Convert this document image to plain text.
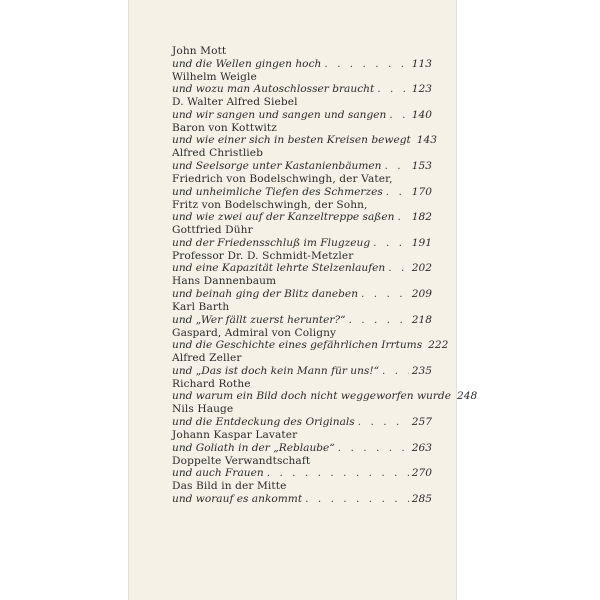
John Mott
und die Wellen gingen hoch . . .	113
Wilhelm Weigle
und wozu man Autoschlosser braucht . . .	123
D. Walter Alfred Siebel
und wir sangen und sangen und sangen . . . 140
Baron von Kottwitz
und wie einer sich in besten Kreisen bewegt 143
Alfred Christlieb
und Seelsorge unter Kastanienbäumen . . .	153
Friedrich von Bodelschwingh, der Vater,
und unheimliche Tiefen des Schmerzes . . .	170
Fritz von Bodelschwingh, der Sohn,
und wie zwei auf der Kanzeltreppe saßen . . . 182
Gottfried Dühr
und der Friedensschluß im Flugzeug . . .	191
Professor Dr. D. Schmidt-Metzler
und eine Kapazität lehrte Stelzenlaufen . . .	202
Hans Dannenbaum
und beinah ging der Blitz daneben . . .	209
Karl Barth
und „Wer fällt zuerst herunter?“ . . .	218
Gaspard, Admiral von Coligny
und die Geschichte eines gefährlichen Irrtums 222
Alfred Zeller
und „Das ist doch kein Mann für uns!“ . . .	235
Richard Rothe
und warum ein Bild doch nicht weggeworfen wurde 248
Nils Hauge
und die Entdeckung des Originals . . .	257
Johann Kaspar Lavater
und Goliath in der „Reblaube“ . . .	263
Doppelte Verwandtschaft
und auch Frauen . . .	270
Das Bild in der Mitte
und worauf es ankommt . . .	285
